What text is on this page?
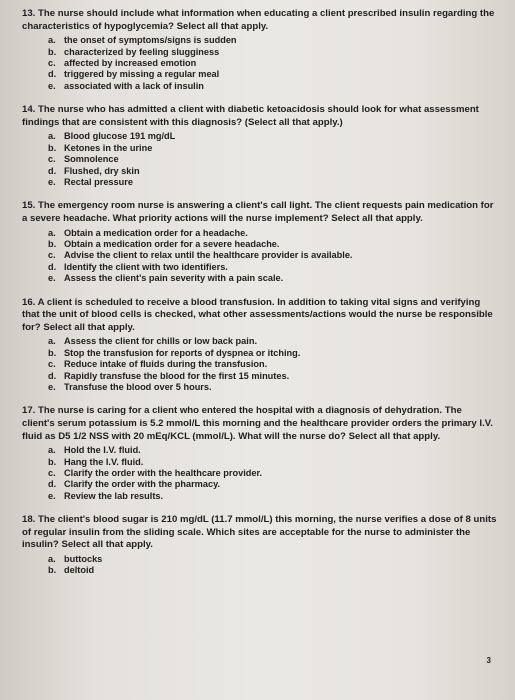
13. The nurse should include what information when educating a client prescribed insulin regarding the characteristics of hypoglycemia? Select all that apply.
a. the onset of symptoms/signs is sudden
b. characterized by feeling slugginess
c. affected by increased emotion
d. triggered by missing a regular meal
e. associated with a lack of insulin
14. The nurse who has admitted a client with diabetic ketoacidosis should look for what assessment findings that are consistent with this diagnosis? (Select all that apply.)
a. Blood glucose 191 mg/dL
b. Ketones in the urine
c. Somnolence
d. Flushed, dry skin
e. Rectal pressure
15. The emergency room nurse is answering a client's call light. The client requests pain medication for a severe headache. What priority actions will the nurse implement? Select all that apply.
a. Obtain a medication order for a headache.
b. Obtain a medication order for a severe headache.
c. Advise the client to relax until the healthcare provider is available.
d. Identify the client with two identifiers.
e. Assess the client's pain severity with a pain scale.
16. A client is scheduled to receive a blood transfusion. In addition to taking vital signs and verifying that the unit of blood cells is checked, what other assessments/actions would the nurse be responsible for? Select all that apply.
a. Assess the client for chills or low back pain.
b. Stop the transfusion for reports of dyspnea or itching.
c. Reduce intake of fluids during the transfusion.
d. Rapidly transfuse the blood for the first 15 minutes.
e. Transfuse the blood over 5 hours.
17. The nurse is caring for a client who entered the hospital with a diagnosis of dehydration. The client's serum potassium is 5.2 mmol/L this morning and the healthcare provider orders the primary I.V. fluid as D5 1/2 NSS with 20 mEq/KCL (mmol/L). What will the nurse do? Select all that apply.
a. Hold the I.V. fluid.
b. Hang the I.V. fluid.
c. Clarify the order with the healthcare provider.
d. Clarify the order with the pharmacy.
e. Review the lab results.
18. The client's blood sugar is 210 mg/dL (11.7 mmol/L) this morning, the nurse verifies a dose of 8 units of regular insulin from the sliding scale. Which sites are acceptable for the nurse to administer the insulin? Select all that apply.
a. buttocks
b. deltoid
3
